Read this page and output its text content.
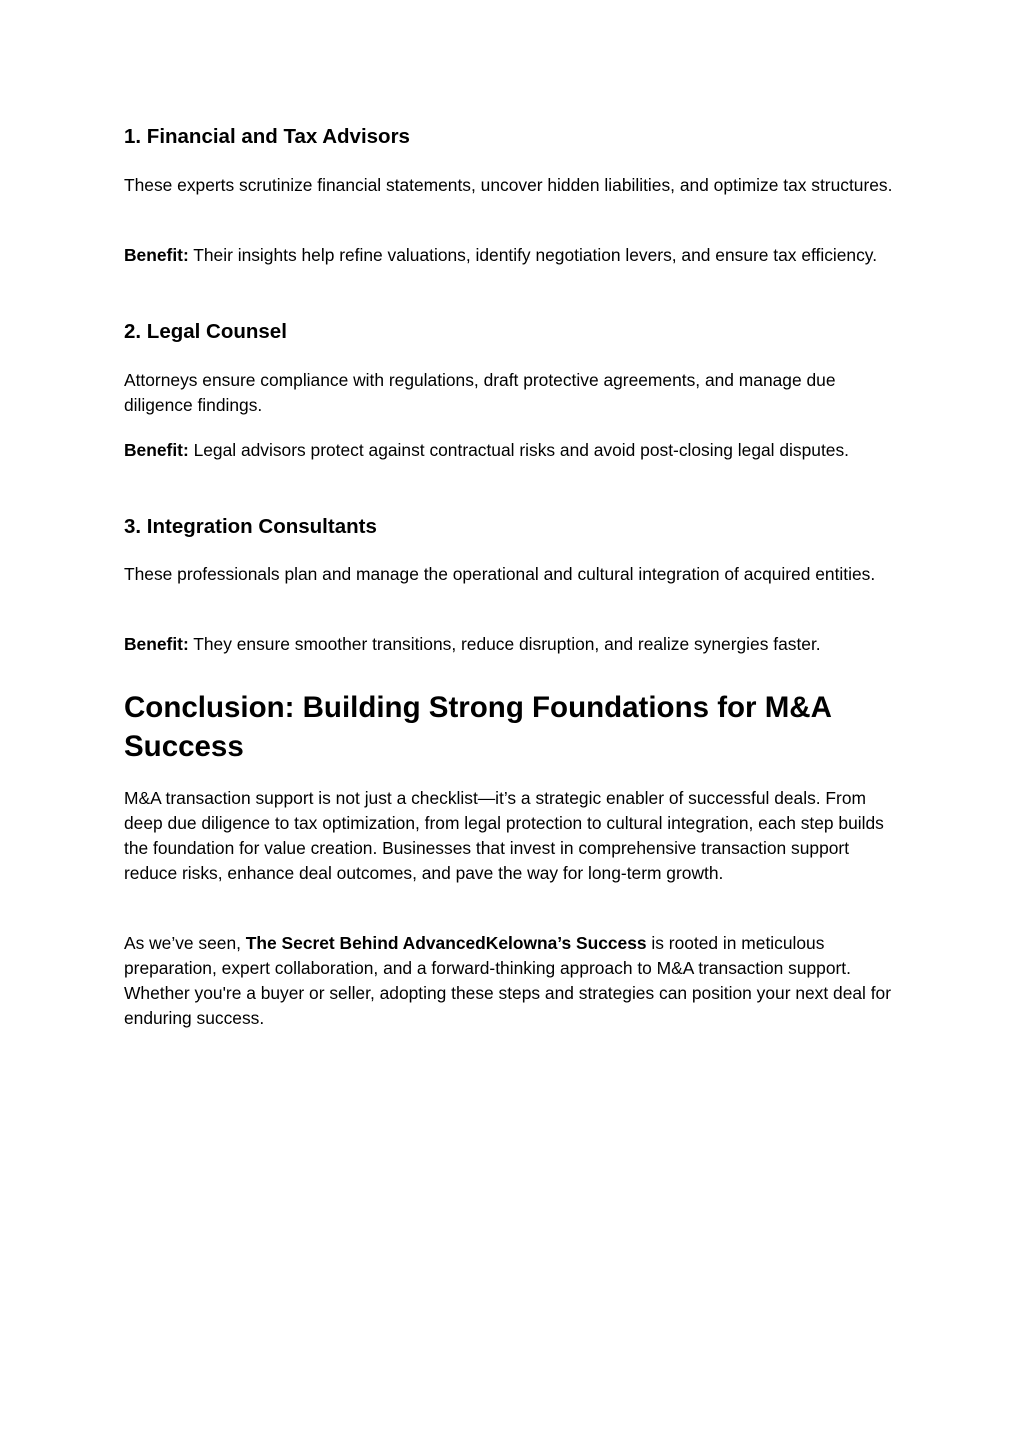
1. Financial and Tax Advisors

These experts scrutinize financial statements, uncover hidden liabilities, and optimize tax structures.

Benefit: Their insights help refine valuations, identify negotiation levers, and ensure tax efficiency.

2. Legal Counsel

Attorneys ensure compliance with regulations, draft protective agreements, and manage due diligence findings.

Benefit: Legal advisors protect against contractual risks and avoid post-closing legal disputes.

3. Integration Consultants

These professionals plan and manage the operational and cultural integration of acquired entities.

Benefit: They ensure smoother transitions, reduce disruption, and realize synergies faster.

Conclusion: Building Strong Foundations for M&A Success

M&A transaction support is not just a checklist—it’s a strategic enabler of successful deals. From deep due diligence to tax optimization, from legal protection to cultural integration, each step builds the foundation for value creation. Businesses that invest in comprehensive transaction support reduce risks, enhance deal outcomes, and pave the way for long-term growth.

As we’ve seen, The Secret Behind AdvancedKelowna’s Success is rooted in meticulous preparation, expert collaboration, and a forward-thinking approach to M&A transaction support. Whether you're a buyer or seller, adopting these steps and strategies can position your next deal for enduring success.
